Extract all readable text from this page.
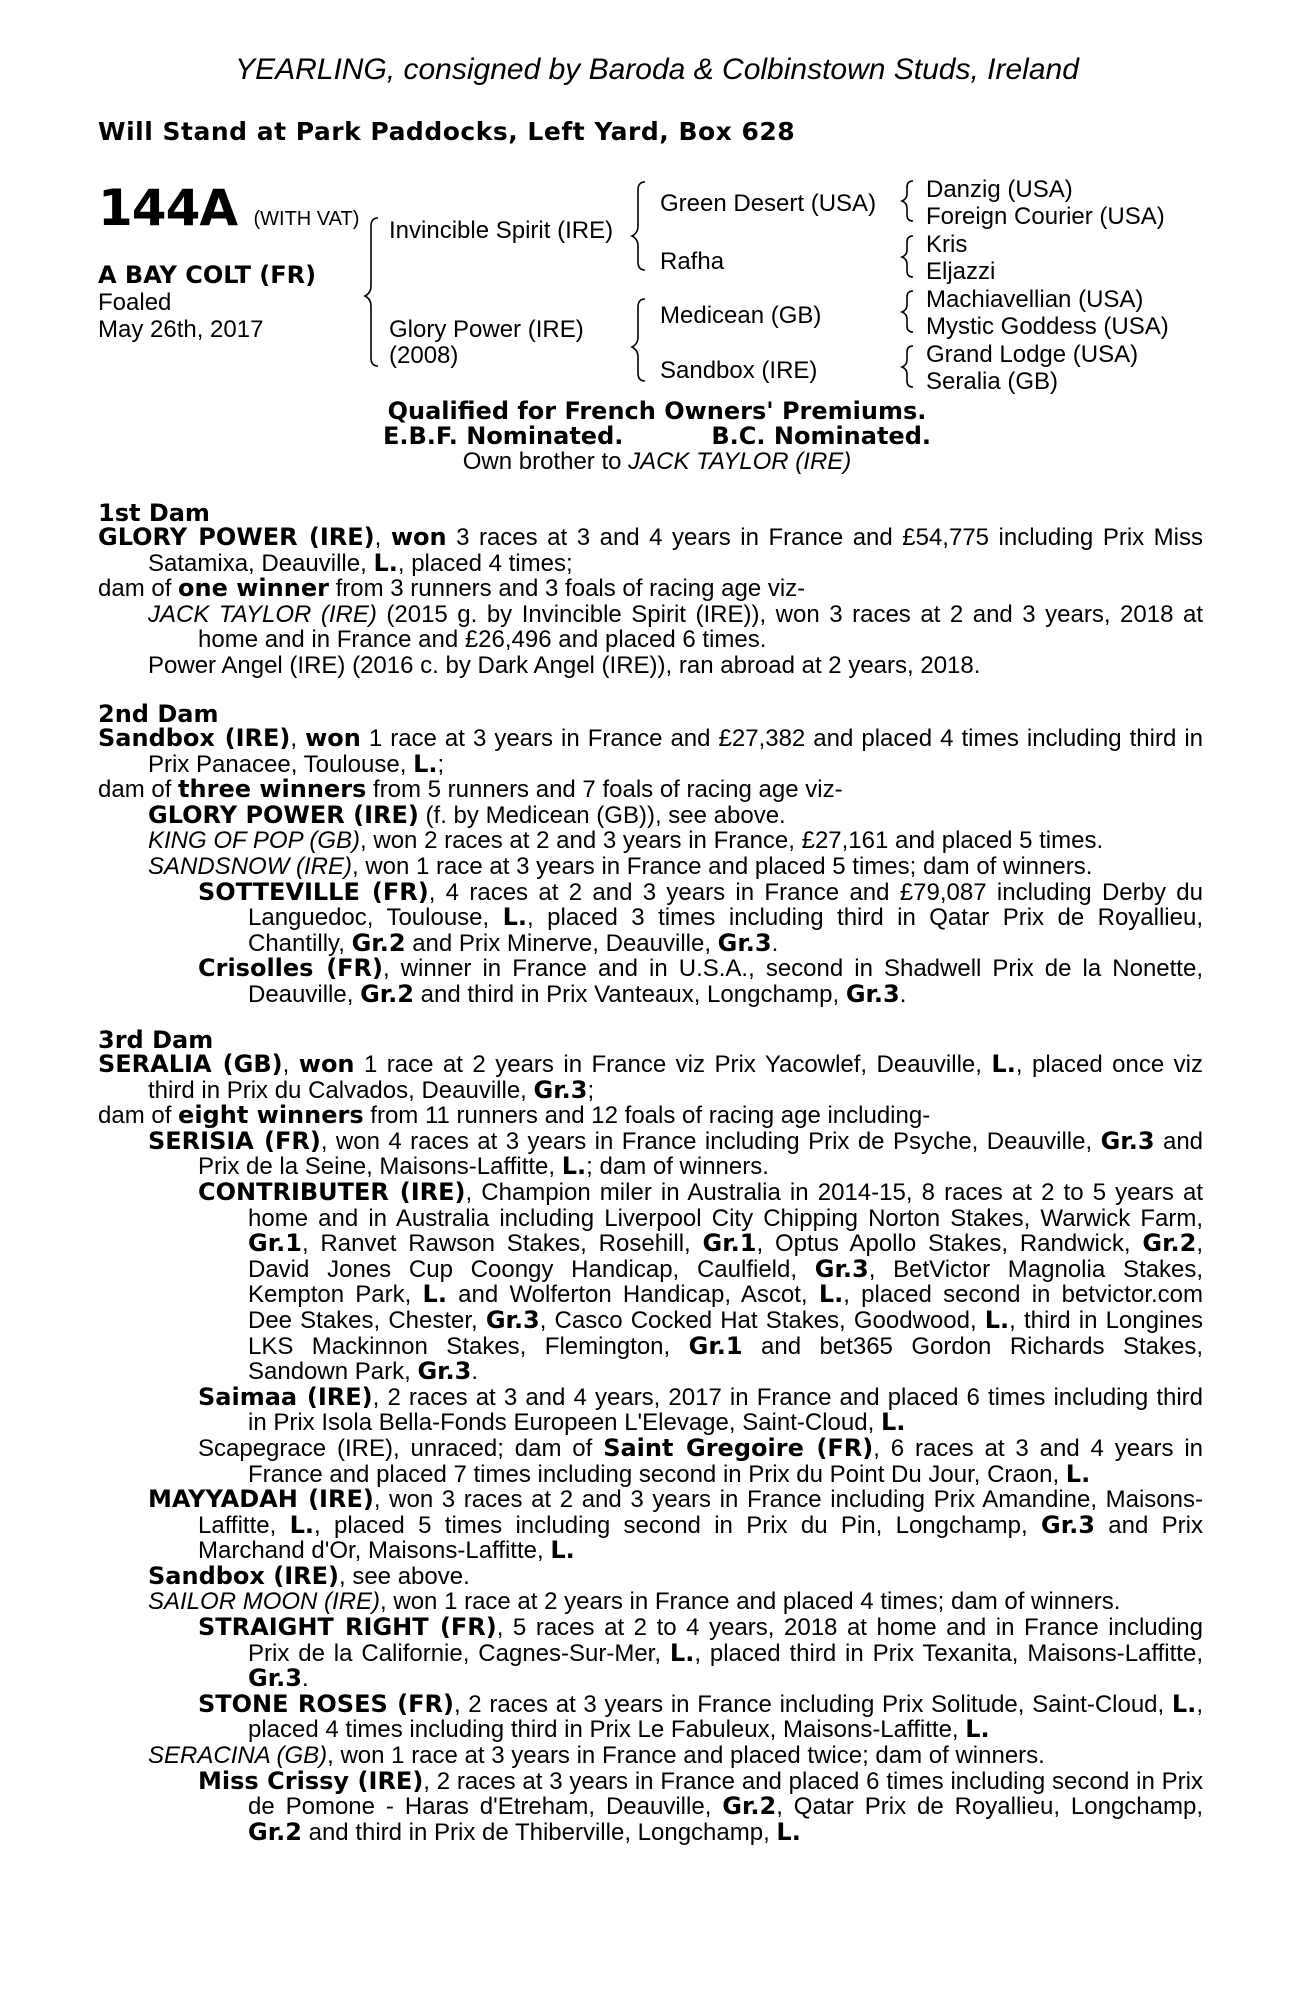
YEARLING, consigned by Baroda & Colbinstown Studs, Ireland
Will Stand at Park Paddocks, Left Yard, Box 628
144A (WITH VAT)
A BAY COLT (FR)
Foaled
May 26th, 2017
Invincible Spirit (IRE)
Glory Power (IRE)
(2008)
Green Desert (USA)
Rafha
Medicean (GB)
Sandbox (IRE)
Danzig (USA)
Foreign Courier (USA)
Kris
Eljazzi
Machiavellian (USA)
Mystic Goddess (USA)
Grand Lodge (USA)
Seralia (GB)
Qualified for French Owners' Premiums.
E.B.F. Nominated.	B.C. Nominated.
Own brother to JACK TAYLOR (IRE)
1st Dam
GLORY POWER (IRE), won 3 races at 3 and 4 years in France and £54,775 including Prix Miss Satamixa, Deauville, L., placed 4 times;
dam of one winner from 3 runners and 3 foals of racing age viz-
JACK TAYLOR (IRE) (2015 g. by Invincible Spirit (IRE)), won 3 races at 2 and 3 years, 2018 at home and in France and £26,496 and placed 6 times.
Power Angel (IRE) (2016 c. by Dark Angel (IRE)), ran abroad at 2 years, 2018.
2nd Dam
Sandbox (IRE), won 1 race at 3 years in France and £27,382 and placed 4 times including third in Prix Panacee, Toulouse, L.;
dam of three winners from 5 runners and 7 foals of racing age viz-
GLORY POWER (IRE) (f. by Medicean (GB)), see above.
KING OF POP (GB), won 2 races at 2 and 3 years in France, £27,161 and placed 5 times.
SANDSNOW (IRE), won 1 race at 3 years in France and placed 5 times; dam of winners.
SOTTEVILLE (FR), 4 races at 2 and 3 years in France and £79,087 including Derby du Languedoc, Toulouse, L., placed 3 times including third in Qatar Prix de Royallieu, Chantilly, Gr.2 and Prix Minerve, Deauville, Gr.3.
Crisolles (FR), winner in France and in U.S.A., second in Shadwell Prix de la Nonette, Deauville, Gr.2 and third in Prix Vanteaux, Longchamp, Gr.3.
3rd Dam
SERALIA (GB), won 1 race at 2 years in France viz Prix Yacowlef, Deauville, L., placed once viz third in Prix du Calvados, Deauville, Gr.3;
dam of eight winners from 11 runners and 12 foals of racing age including-
SERISIA (FR), won 4 races at 3 years in France including Prix de Psyche, Deauville, Gr.3 and Prix de la Seine, Maisons-Laffitte, L.; dam of winners.
CONTRIBUTER (IRE), Champion miler in Australia in 2014-15, 8 races at 2 to 5 years at home and in Australia including Liverpool City Chipping Norton Stakes, Warwick Farm, Gr.1, Ranvet Rawson Stakes, Rosehill, Gr.1, Optus Apollo Stakes, Randwick, Gr.2, David Jones Cup Coongy Handicap, Caulfield, Gr.3, BetVictor Magnolia Stakes, Kempton Park, L. and Wolferton Handicap, Ascot, L., placed second in betvictor.com Dee Stakes, Chester, Gr.3, Casco Cocked Hat Stakes, Goodwood, L., third in Longines LKS Mackinnon Stakes, Flemington, Gr.1 and bet365 Gordon Richards Stakes, Sandown Park, Gr.3.
Saimaa (IRE), 2 races at 3 and 4 years, 2017 in France and placed 6 times including third in Prix Isola Bella-Fonds Europeen L'Elevage, Saint-Cloud, L.
Scapegrace (IRE), unraced; dam of Saint Gregoire (FR), 6 races at 3 and 4 years in France and placed 7 times including second in Prix du Point Du Jour, Craon, L.
MAYYADAH (IRE), won 3 races at 2 and 3 years in France including Prix Amandine, Maisons-Laffitte, L., placed 5 times including second in Prix du Pin, Longchamp, Gr.3 and Prix Marchand d'Or, Maisons-Laffitte, L.
Sandbox (IRE), see above.
SAILOR MOON (IRE), won 1 race at 2 years in France and placed 4 times; dam of winners.
STRAIGHT RIGHT (FR), 5 races at 2 to 4 years, 2018 at home and in France including Prix de la Californie, Cagnes-Sur-Mer, L., placed third in Prix Texanita, Maisons-Laffitte, Gr.3.
STONE ROSES (FR), 2 races at 3 years in France including Prix Solitude, Saint-Cloud, L., placed 4 times including third in Prix Le Fabuleux, Maisons-Laffitte, L.
SERACINA (GB), won 1 race at 3 years in France and placed twice; dam of winners.
Miss Crissy (IRE), 2 races at 3 years in France and placed 6 times including second in Prix de Pomone - Haras d'Etreham, Deauville, Gr.2, Qatar Prix de Royallieu, Longchamp, Gr.2 and third in Prix de Thiberville, Longchamp, L.
